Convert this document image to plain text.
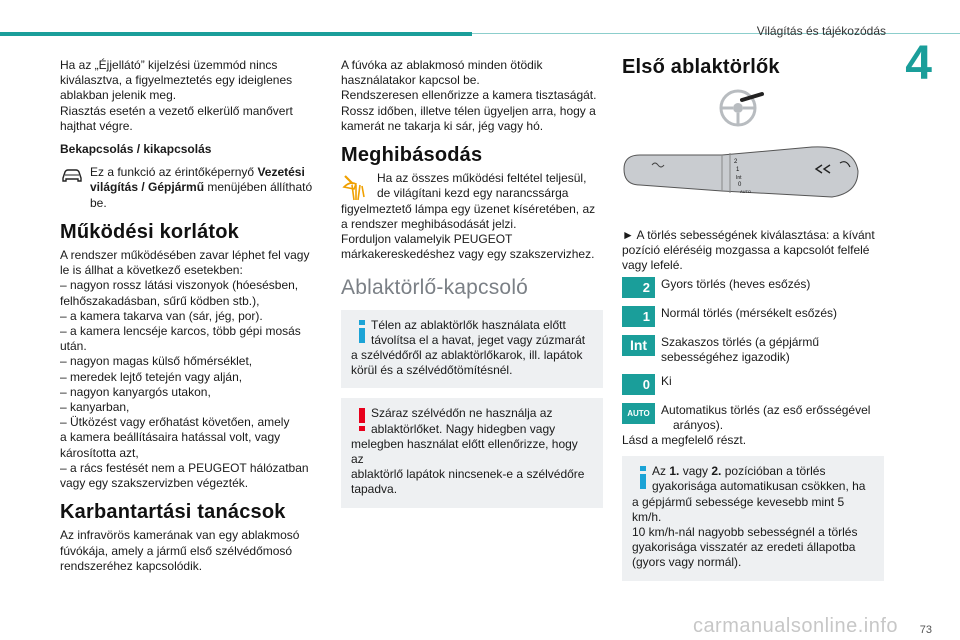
Világítás és tájékozódás
4

Ha az „Éjjellátó” kijelzési üzemmód nincs

kiválasztva, a figyelmeztetés egy ideiglenes

ablakban jelenik meg.

Riasztás esetén a vezető elkerülő manővert

hajthat végre.

Bekapcsolás / kikapcsolás

Ez a funkció az érintőképernyő Vezetési világítás / Gépjármű menüjében állítható be.

Működési korlátok

A rendszer működésében zavar léphet fel vagy

le is állhat a következő esetekben:

– nagyon rossz látási viszonyok (hóesésben,

felhőszakadásban, sűrű ködben stb.),

– a kamera takarva van (sár, jég, por).

– a kamera lencséje karcos, több gépi mosás

után.

– nagyon magas külső hőmérséklet,

– meredek lejtő tetején vagy alján,

– nagyon kanyargós utakon,

– kanyarban,

– Ütközést vagy erőhatást követően, amely

a kamera beállításaira hatással volt, vagy

károsította azt,

– a rács festését nem a PEUGEOT hálózatban

vagy egy szakszervizben végezték.

Karbantartási tanácsok

Az infravörös kamerának van egy ablakmosó

fúvókája, amely a jármű első szélvédőmosó

rendszeréhez kapcsolódik.

A fúvóka az ablakmosó minden ötödik

használatakor kapcsol be.

Rendszeresen ellenőrizze a kamera tisztaságát.

Rossz időben, illetve télen ügyeljen arra, hogy a

kamerát ne takarja ki sár, jég vagy hó.

Meghibásodás

Ha az összes működési feltétel teljesül,

de világítani kezd egy narancssárga

figyelmeztető lámpa egy üzenet kíséretében, az

a rendszer meghibásodását jelzi.

Forduljon valamelyik PEUGEOT

márkakereskedéshez vagy egy szakszervizhez.

Ablaktörlő-kapcsoló

Télen az ablaktörlők használata előtt

távolítsa el a havat, jeget vagy zúzmarát

a szélvédőről az ablaktörlőkarok, ill. lapátok

körül és a szélvédőtömítésnél.

Száraz szélvédőn ne használja az

ablaktörlőket. Nagy hidegben vagy

melegben használat előtt ellenőrizze, hogy az

ablaktörlő lapátok nincsenek-e a szélvédőre

tapadva.

Első ablaktörlők
2
1
Int
0
AUTO

► A törlés sebességének kiválasztása: a kívánt

pozíció eléréséig mozgassa a kapcsolót felfelé

vagy lefelé.

2 Gyors törlés (heves esőzés)

1 Normál törlés (mérsékelt esőzés)

Int	Szakaszos törlés (a gépjármű

sebességéhez igazodik)

0 Ki

AUTO Automatikus törlés (az eső erősségével

arányos).

Lásd a megfelelő részt.

Az 1. vagy 2. pozícióban a törlés

gyakorisága automatikusan csökken, ha

a gépjármű sebessége kevesebb mint 5 km/h.

10 km/h-nál nagyobb sebességnél a törlés

gyakorisága visszatér az eredeti állapotba

(gyors vagy normál).

carmanualsonline.info 73
